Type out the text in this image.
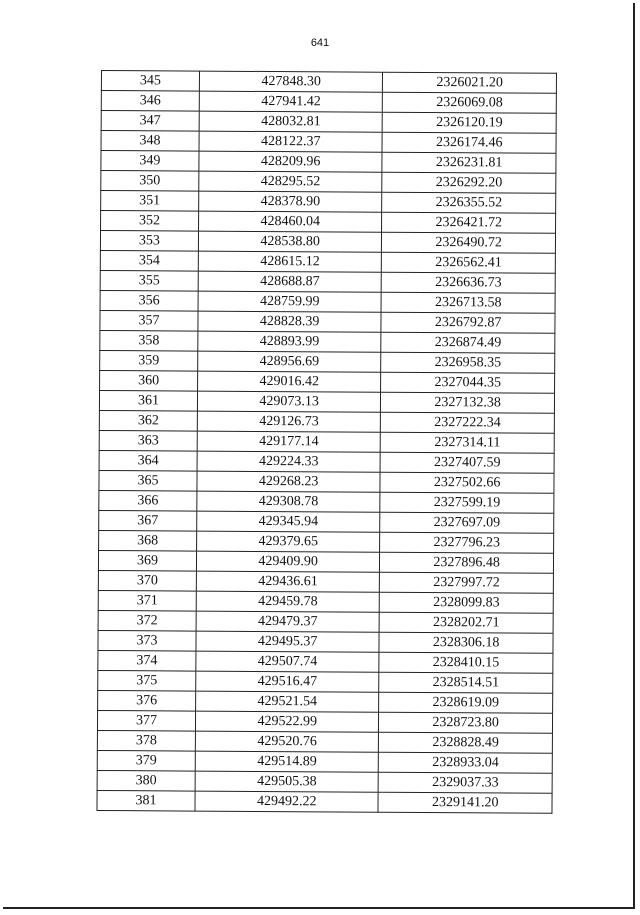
641
345	427848.30	2326021.20
346	427941.42	2326069.08
347	428032.81	2326120.19
348	428122.37	2326174.46
349	428209.96	2326231.81
350	428295.52	2326292.20
351	428378.90	2326355.52
352	428460.04	2326421.72
353	428538.80	2326490.72
354	428615.12	2326562.41
355	428688.87	2326636.73
356	428759.99	2326713.58
357	428828.39	2326792.87
358	428893.99	2326874.49
359	428956.69	2326958.35
360	429016.42	2327044.35
361	429073.13	2327132.38
362	429126.73	2327222.34
363	429177.14	2327314.11
364	429224.33	2327407.59
365	429268.23	2327502.66
366	429308.78	2327599.19
367	429345.94	2327697.09
368	429379.65	2327796.23
369	429409.90	2327896.48
370	429436.61	2327997.72
371	429459.78	2328099.83
372	429479.37	2328202.71
373	429495.37	2328306.18
374	429507.74	2328410.15
375	429516.47	2328514.51
376	429521.54	2328619.09
377	429522.99	2328723.80
378	429520.76	2328828.49
379	429514.89	2328933.04
380	429505.38	2329037.33
381	429492.22	2329141.20
